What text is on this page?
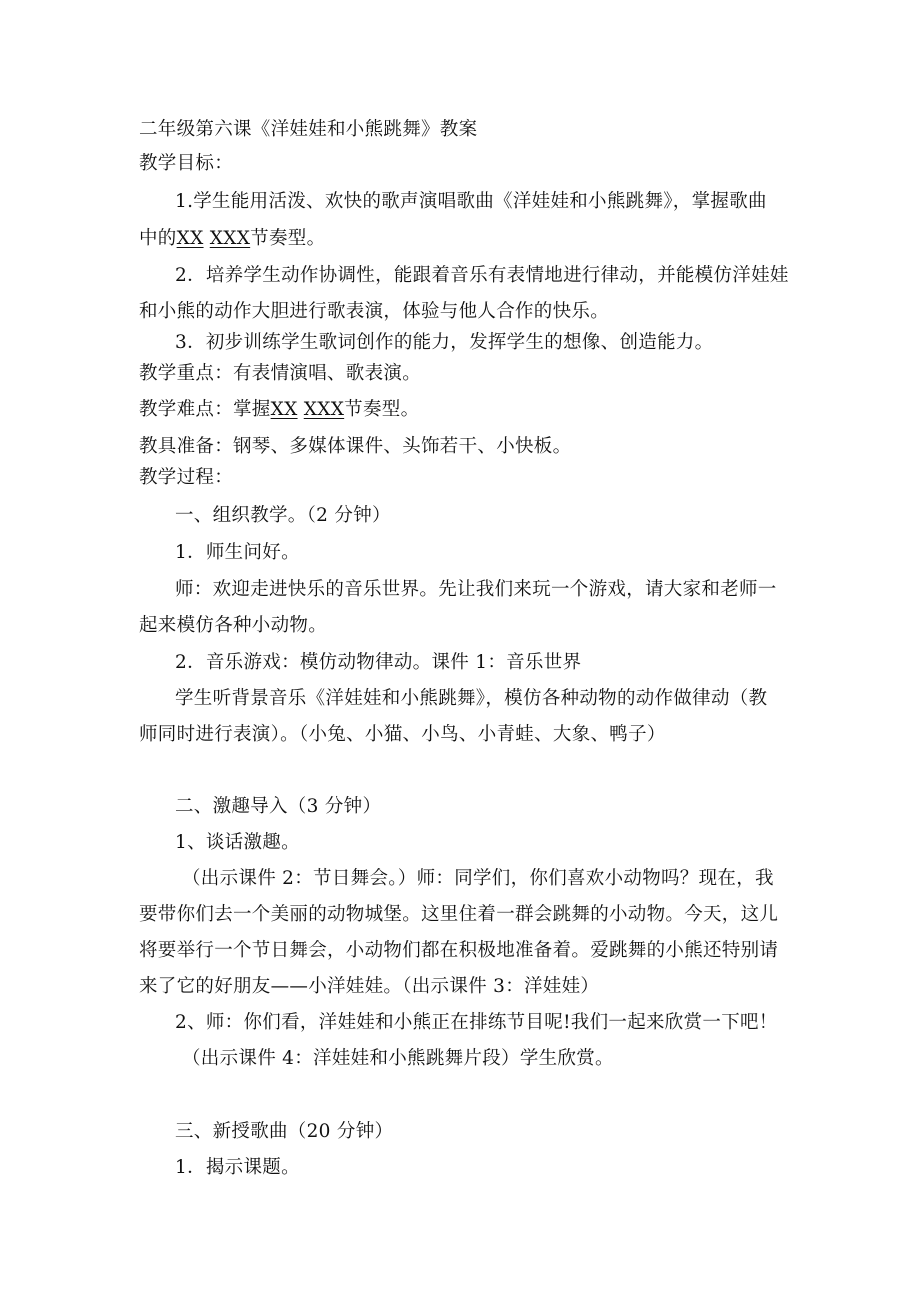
二年级第六课《洋娃娃和小熊跳舞》教案
教学目标：
1.学生能用活泼、欢快的歌声演唱歌曲《洋娃娃和小熊跳舞》，掌握歌曲
中的XX XXX节奏型。
2．培养学生动作协调性，能跟着音乐有表情地进行律动，并能模仿洋娃娃
和小熊的动作大胆进行歌表演，体验与他人合作的快乐。
3．初步训练学生歌词创作的能力，发挥学生的想像、创造能力。
教学重点：有表情演唱、歌表演。
教学难点：掌握XX XXX节奏型。
教具准备：钢琴、多媒体课件、头饰若干、小快板。
教学过程：
一、组织教学。（2 分钟）
1．师生问好。
师：欢迎走进快乐的音乐世界。先让我们来玩一个游戏，请大家和老师一
起来模仿各种小动物。
2．音乐游戏：模仿动物律动。课件 1：音乐世界
学生听背景音乐《洋娃娃和小熊跳舞》，模仿各种动物的动作做律动（教
师同时进行表演）。（小兔、小猫、小鸟、小青蛙、大象、鸭子）
二、激趣导入（3 分钟）
1、谈话激趣。
（出示课件 2：节日舞会。）师：同学们，你们喜欢小动物吗？现在，我
要带你们去一个美丽的动物城堡。这里住着一群会跳舞的小动物。今天，这儿
将要举行一个节日舞会，小动物们都在积极地准备着。爱跳舞的小熊还特别请
来了它的好朋友——小洋娃娃。（出示课件 3：洋娃娃）
2、师：你们看，洋娃娃和小熊正在排练节目呢!我们一起来欣赏一下吧！
（出示课件 4：洋娃娃和小熊跳舞片段）学生欣赏。
三、新授歌曲（20 分钟）
1．揭示课题。
